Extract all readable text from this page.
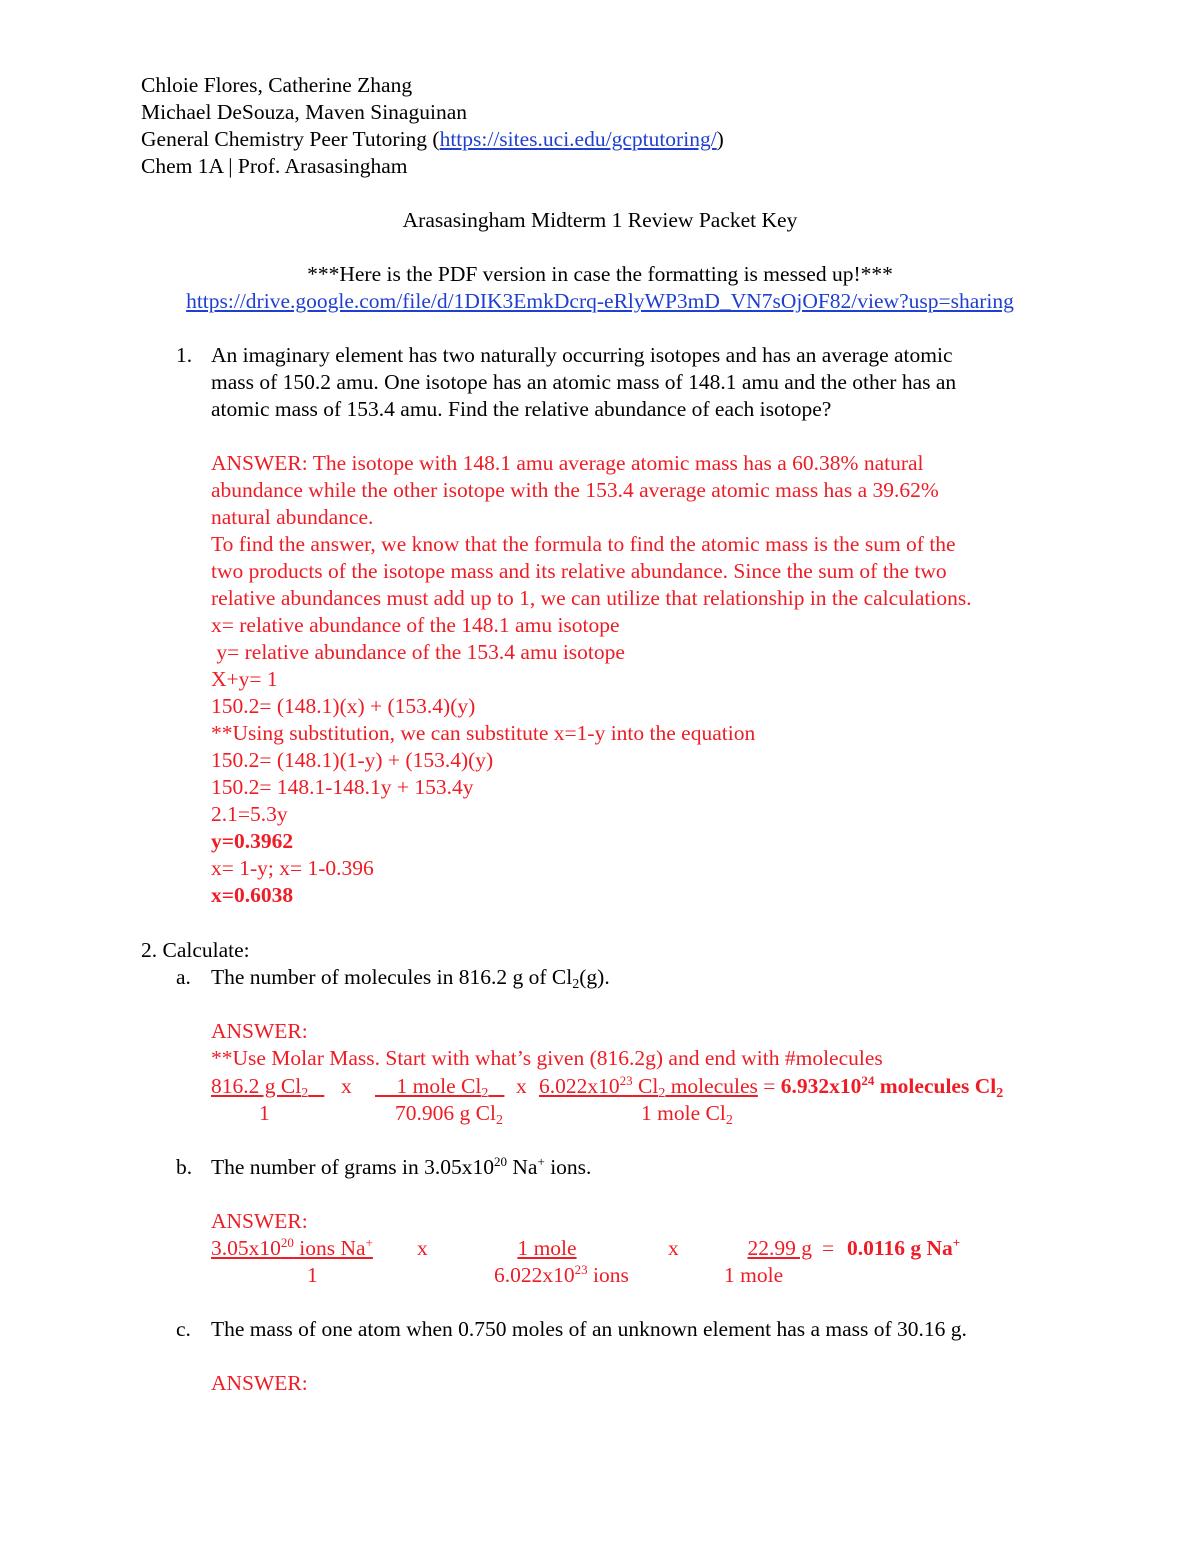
Chloie Flores, Catherine Zhang
Michael DeSouza, Maven Sinaguinan
General Chemistry Peer Tutoring (https://sites.uci.edu/gcptutoring/)
Chem 1A | Prof. Arasasingham
Arasasingham Midterm 1 Review Packet Key
***Here is the PDF version in case the formatting is messed up!***
https://drive.google.com/file/d/1DIK3EmkDcrq-eRlyWP3mD_VN7sOjOF82/view?usp=sharing
1. An imaginary element has two naturally occurring isotopes and has an average atomic
mass of 150.2 amu. One isotope has an atomic mass of 148.1 amu and the other has an
atomic mass of 153.4 amu. Find the relative abundance of each isotope?
ANSWER: The isotope with 148.1 amu average atomic mass has a 60.38% natural
abundance while the other isotope with the 153.4 average atomic mass has a 39.62%
natural abundance.
To find the answer, we know that the formula to find the atomic mass is the sum of the
two products of the isotope mass and its relative abundance. Since the sum of the two
relative abundances must add up to 1, we can utilize that relationship in the calculations.
x= relative abundance of the 148.1 amu isotope
y= relative abundance of the 153.4 amu isotope
X+y= 1
150.2= (148.1)(x) + (153.4)(y)
**Using substitution, we can substitute x=1-y into the equation
150.2= (148.1)(1-y) + (153.4)(y)
150.2= 148.1-148.1y + 153.4y
2.1=5.3y
y=0.3962
x= 1-y; x= 1-0.396
x=0.6038
2. Calculate:
a. The number of molecules in 816.2 g of $Cl_2(g)$.
ANSWER:
**Use Molar Mass. Start with what’s given (816.2g) and end with #molecules
816.2 g $Cl_2$	x	1 mole $Cl_2$	x $6.022x10^{23}$ $Cl_2$ molecules = $6.932x10^{24}$ molecules $Cl_2$
1	70.906 g $Cl_2$	1 mole $Cl_2$
b. The number of grams in $3.05x10^{20}$ Na+ ions.
ANSWER:
$3.05x10^{20}$ ions Na+	x	1 mole	x	22.99 g = 0.0116 g Na+
1	$6.022x10^{23}$ ions	1 mole
c. The mass of one atom when 0.750 moles of an unknown element has a mass of 30.16 g.
ANSWER:
